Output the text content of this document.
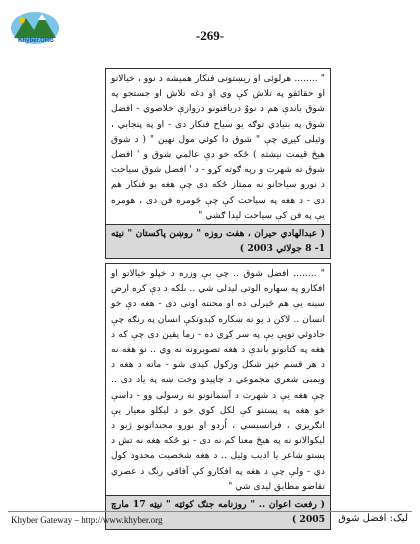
-269-
Khyber.ORG
" ........ هرلوئی او ریښتونی فنکار همیشه د نوو ، خیالاتو او حقائقو په تلاش کې وي او دغه تلاش او جستجو په شوق باندې هم د نووٌ دریافتونو دروازې خلاصوي - افضل شوق په بنیادي توګه یو سیاح فنکار دی - او په پنجابي ، وئیلی کیږي چې " شوق دا کوئي مول نهین " ( د شوق هیڅ قیمت نیشته ) ځکه خو دې عالمي شوق و ' افضل شوق ته شهرت و رپه ګوته کړو - د ' افضل شوق سیاحت د نورو سیاحانو نه ممتاز ځکه دی چې هغه یو فنکار هم دی - د هغه په سیاحت کې چې څومره فن دی ، هومره یې په فن کې سیاحت لیدا ګشي "
( عبدالهادي حیران ، هفت روزه " روښن پاکستان " نیټه 1- 8 جولائي 2003 )
" ........ افضل شوق .. چې بې وزره د خپلو خیالاتو او افکارو په سهاره الوتی لیدلی شي .. بلکه د دې کره ارض سینه یې هم څیرلی ده او محنته اوتی دی - هغه دې خو انسان .. لاکن د یو نه ښکاره کېدونکې انسان په رنګه چې جادوئي توپې یې په سر کړي ده - زما یقین دی چې که د هغه په کتابونو باندې د هغه تصویرونه نه وي .. نو هغه نه د هر قسم خپز شکل وزکول کېدی شو - ماته د هغه د ویمبی شعري مجموعي د چاپیدو وخت ښه په یاد دی .. چې هغه یې د شهرت د آسمانونو نه رسولی وو - داسې خو هغه په پښتنو کې لکل کوي خو د لیکلو معیار یې انګریزي ، فرانسیسي ، اُردو او نورو محنداتونو ژبو د لیکوالانو نه په هیڅ معنا کم نه دی - نو ځکه هغه نه تش د پښتو شاعر یا ادیب وئیل .. د هغه شخصیت محدود کول دي - ولې چې د هغه په افکارو کې آفاقي رنګ د عصري تقاضو مطابق لیدی شي "
( رفعت اعوان .. " روزنامه جنګ کوئټه " نیټه 17 مارچ 2005 )
Khyber Gateway – http://www.khyber.org	لیک: افضل شوق
